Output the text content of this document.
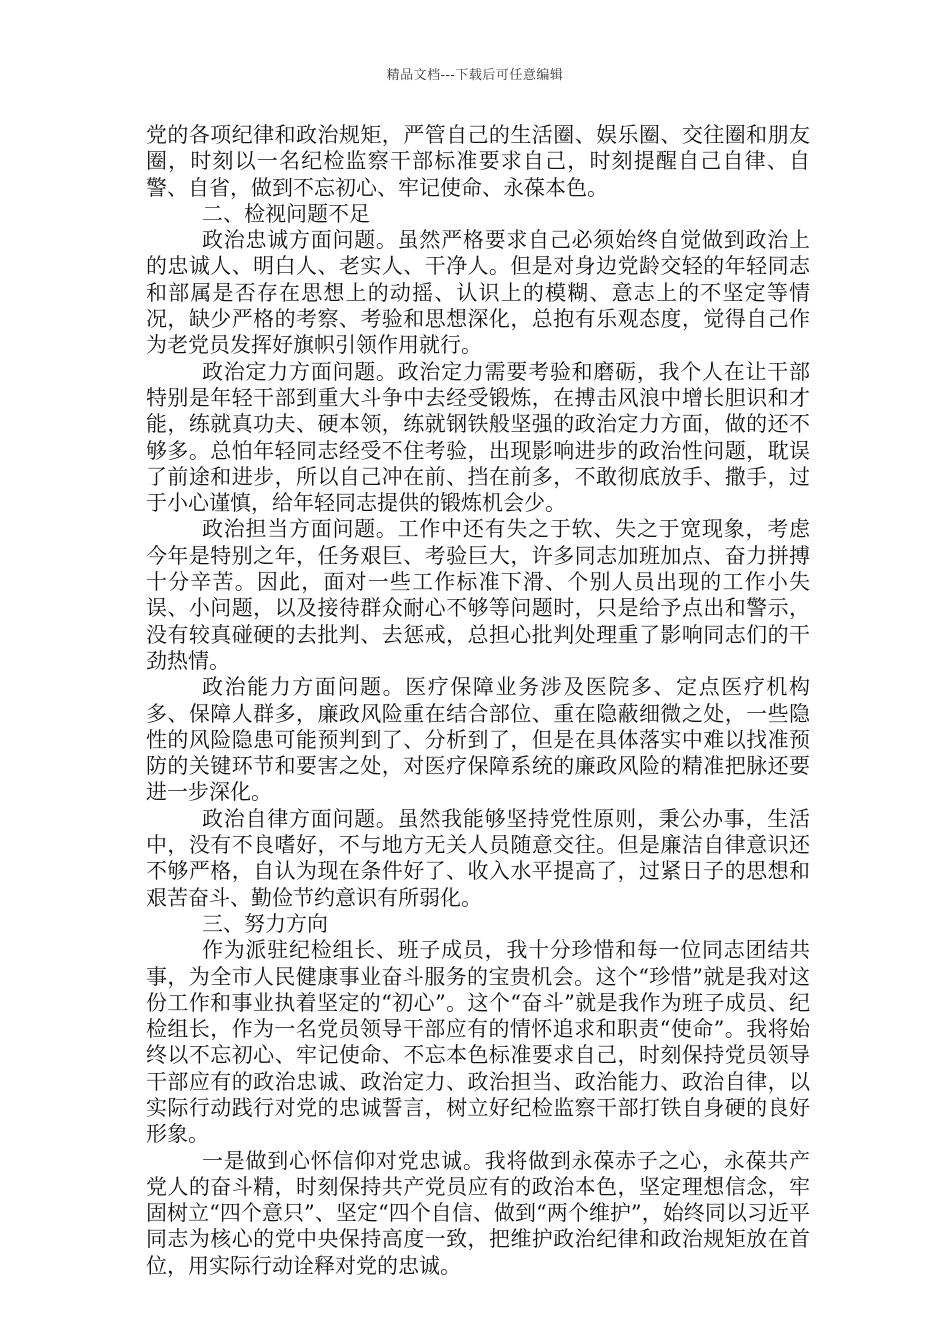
精品文档---下载后可任意编辑

党的各项纪律和政治规矩，严管自己的生活圈、娱乐圈、交往圈和朋友圈，时刻以一名纪检监察干部标准要求自己，时刻提醒自己自律、自警、自省，做到不忘初心、牢记使命、永葆本色。

二、检视问题不足

政治忠诚方面问题。虽然严格要求自己必须始终自觉做到政治上的忠诚人、明白人、老实人、干净人。但是对身边党龄交轻的年轻同志和部属是否存在思想上的动摇、认识上的模糊、意志上的不坚定等情况，缺少严格的考察、考验和思想深化，总抱有乐观态度，觉得自己作为老党员发挥好旗帜引领作用就行。

政治定力方面问题。政治定力需要考验和磨砺，我个人在让干部特别是年轻干部到重大斗争中去经受锻炼，在搏击风浪中增长胆识和才能，练就真功夫、硬本领，练就钢铁般坚强的政治定力方面，做的还不够多。总怕年轻同志经受不住考验，出现影响进步的政治性问题，耽误了前途和进步，所以自己冲在前、挡在前多，不敢彻底放手、撒手，过于小心谨慎，给年轻同志提供的锻炼机会少。

政治担当方面问题。工作中还有失之于软、失之于宽现象，考虑今年是特别之年，任务艰巨、考验巨大，许多同志加班加点、奋力拼搏十分辛苦。因此，面对一些工作标准下滑、个别人员出现的工作小失误、小问题，以及接待群众耐心不够等问题时，只是给予点出和警示，没有较真碰硬的去批判、去惩戒，总担心批判处理重了影响同志们的干劲热情。

政治能力方面问题。医疗保障业务涉及医院多、定点医疗机构多、保障人群多，廉政风险重在结合部位、重在隐蔽细微之处，一些隐性的风险隐患可能预判到了、分析到了，但是在具体落实中难以找准预防的关键环节和要害之处，对医疗保障系统的廉政风险的精准把脉还要进一步深化。

政治自律方面问题。虽然我能够坚持党性原则，秉公办事，生活中，没有不良嗜好，不与地方无关人员随意交往。但是廉洁自律意识还不够严格，自认为现在条件好了、收入水平提高了，过紧日子的思想和艰苦奋斗、勤俭节约意识有所弱化。

三、努力方向

作为派驻纪检组长、班子成员，我十分珍惜和每一位同志团结共事，为全市人民健康事业奋斗服务的宝贵机会。这个“珍惜”就是我对这份工作和事业执着坚定的“初心”。这个“奋斗”就是我作为班子成员、纪检组长，作为一名党员领导干部应有的情怀追求和职责“使命”。我将始终以不忘初心、牢记使命、不忘本色标准要求自己，时刻保持党员领导干部应有的政治忠诚、政治定力、政治担当、政治能力、政治自律，以实际行动践行对党的忠诚誓言，树立好纪检监察干部打铁自身硬的良好形象。

一是做到心怀信仰对党忠诚。我将做到永葆赤子之心，永葆共产党人的奋斗精，时刻保持共产党员应有的政治本色，坚定理想信念，牢固树立“四个意只”、坚定“四个自信、做到“两个维护”，始终同以习近平同志为核心的党中央保持高度一致，把维护政治纪律和政治规矩放在首位，用实际行动诠释对党的忠诚。
